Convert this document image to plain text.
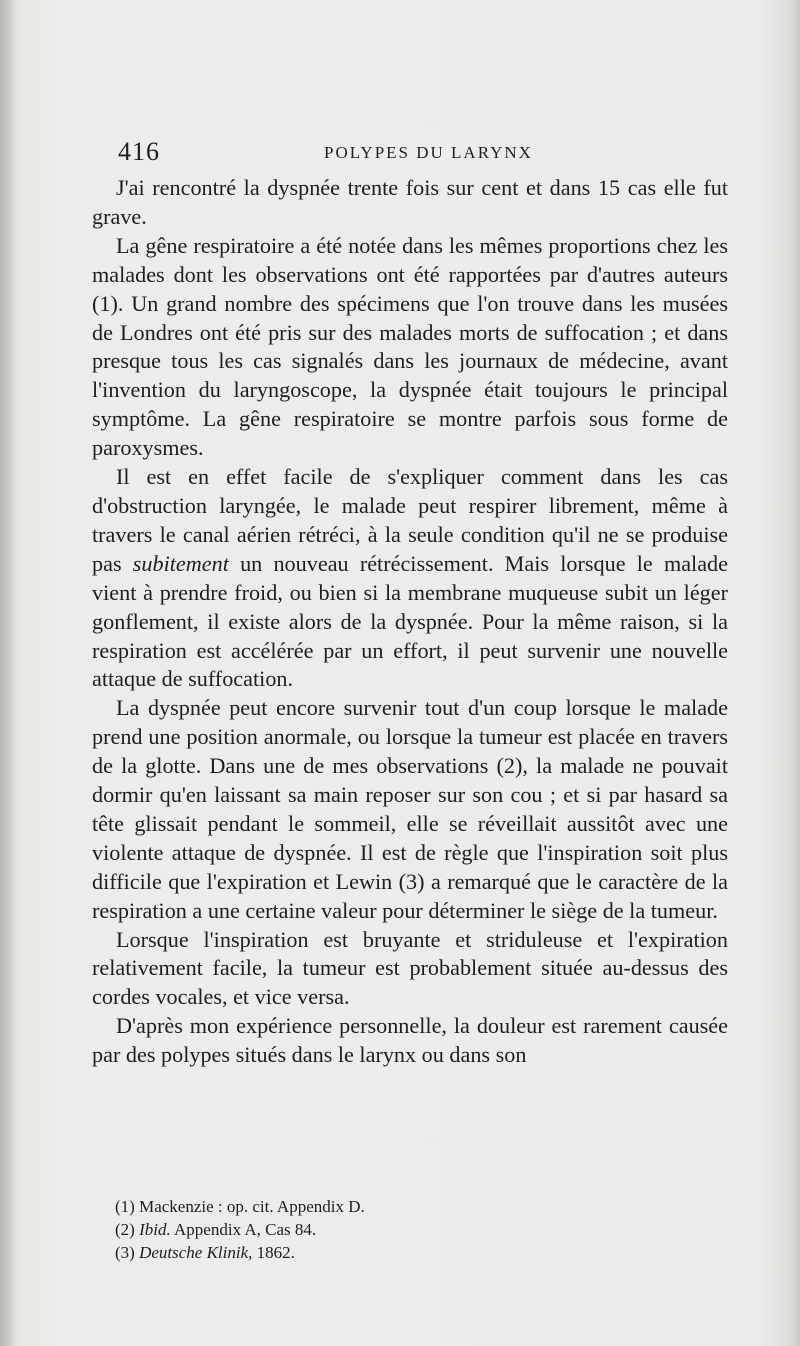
416	POLYPES DU LARYNX

J'ai rencontré la dyspnée trente fois sur cent et dans 15 cas elle fut grave.

La gêne respiratoire a été notée dans les mêmes proportions chez les malades dont les observations ont été rapportées par d'autres auteurs (1). Un grand nombre des spécimens que l'on trouve dans les musées de Londres ont été pris sur des malades morts de suffocation ; et dans presque tous les cas signalés dans les journaux de médecine, avant l'invention du laryngoscope, la dyspnée était toujours le principal symptôme. La gêne respiratoire se montre parfois sous forme de paroxysmes.

Il est en effet facile de s'expliquer comment dans les cas d'obstruction laryngée, le malade peut respirer librement, même à travers le canal aérien rétréci, à la seule condition qu'il ne se produise pas subitement un nouveau rétrécissement. Mais lorsque le malade vient à prendre froid, ou bien si la membrane muqueuse subit un léger gonflement, il existe alors de la dyspnée. Pour la même raison, si la respiration est accélérée par un effort, il peut survenir une nouvelle attaque de suffocation.

La dyspnée peut encore survenir tout d'un coup lorsque le malade prend une position anormale, ou lorsque la tumeur est placée en travers de la glotte. Dans une de mes observations (2), la malade ne pouvait dormir qu'en laissant sa main reposer sur son cou ; et si par hasard sa tête glissait pendant le sommeil, elle se réveillait aussitôt avec une violente attaque de dyspnée. Il est de règle que l'inspiration soit plus difficile que l'expiration et Lewin (3) a remarqué que le caractère de la respiration a une certaine valeur pour déterminer le siège de la tumeur.

Lorsque l'inspiration est bruyante et striduleuse et l'expiration relativement facile, la tumeur est probablement située au-dessus des cordes vocales, et vice versa.

D'après mon expérience personnelle, la douleur est rarement causée par des polypes situés dans le larynx ou dans son

(1) Mackenzie : op. cit. Appendix D.
(2) Ibid. Appendix A, Cas 84.
(3) Deutsche Klinik, 1862.
